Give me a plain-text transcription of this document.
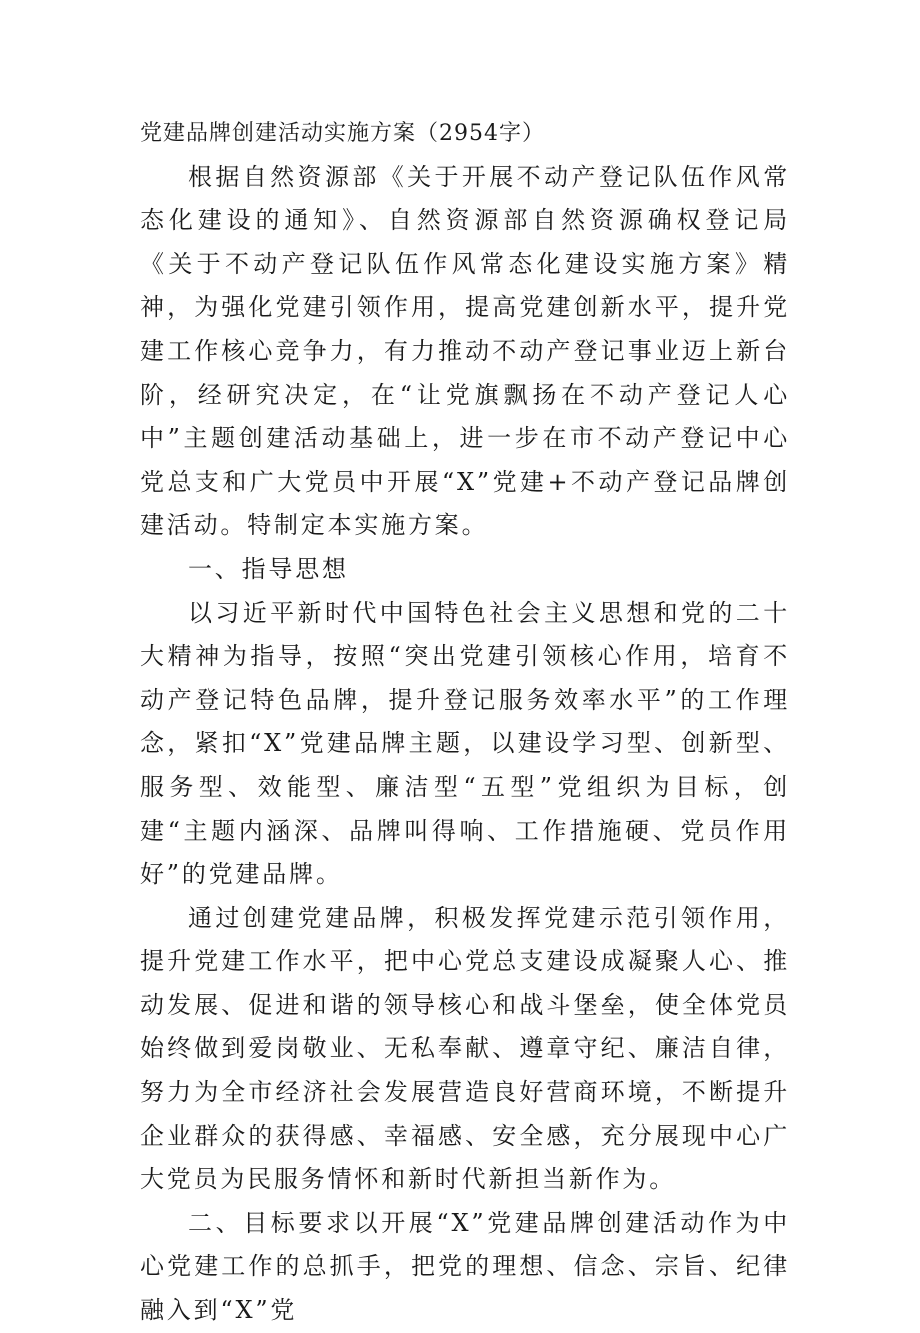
党建品牌创建活动实施方案（2954字）

根据自然资源部《关于开展不动产登记队伍作风常态化建设的通知》、自然资源部自然资源确权登记局《关于不动产登记队伍作风常态化建设实施方案》精神，为强化党建引领作用，提高党建创新水平，提升党建工作核心竞争力，有力推动不动产登记事业迈上新台阶，经研究决定，在“让党旗飘扬在不动产登记人心中”主题创建活动基础上，进一步在市不动产登记中心党总支和广大党员中开展“X”党建+不动产登记品牌创建活动。特制定本实施方案。

一、指导思想

以习近平新时代中国特色社会主义思想和党的二十大精神为指导，按照“突出党建引领核心作用，培育不动产登记特色品牌，提升登记服务效率水平”的工作理念，紧扣“X”党建品牌主题，以建设学习型、创新型、服务型、效能型、廉洁型“五型”党组织为目标，创建“主题内涵深、品牌叫得响、工作措施硬、党员作用好”的党建品牌。

通过创建党建品牌，积极发挥党建示范引领作用，提升党建工作水平，把中心党总支建设成凝聚人心、推动发展、促进和谐的领导核心和战斗堡垒，使全体党员始终做到爱岗敬业、无私奉献、遵章守纪、廉洁自律，努力为全市经济社会发展营造良好营商环境，不断提升企业群众的获得感、幸福感、安全感，充分展现中心广大党员为民服务情怀和新时代新担当新作为。

二、目标要求以开展“X”党建品牌创建活动作为中心党建工作的总抓手，把党的理想、信念、宗旨、纪律融入到“X”党
